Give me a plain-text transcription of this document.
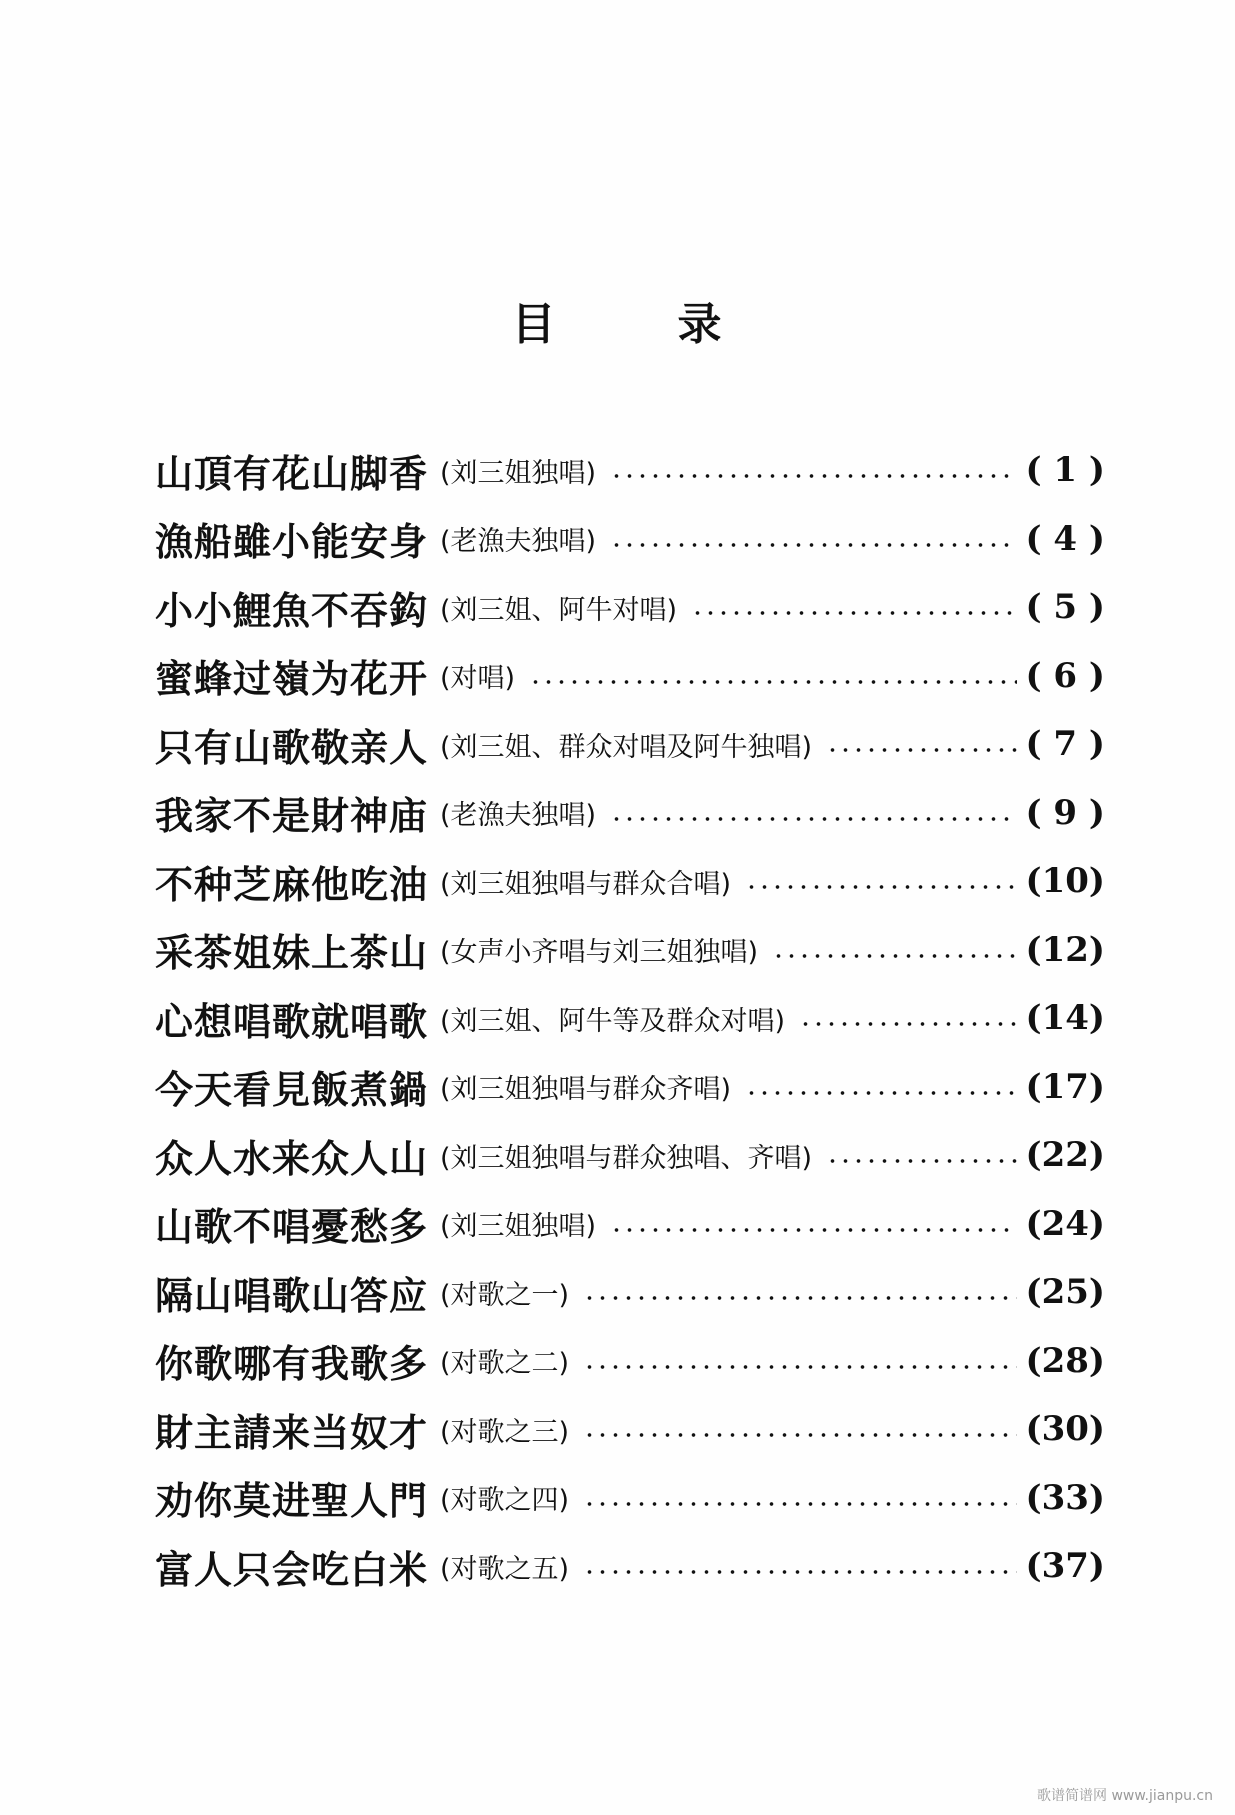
目	录
山頂有花山脚香 (刘三姐独唱)	( 1 )
漁船雖小能安身 (老漁夫独唱)	( 4 )
小小鯉魚不吞鈎 (刘三姐、阿牛对唱)	( 5 )
蜜蜂过嶺为花开 (对唱)	( 6 )
只有山歌敬亲人 (刘三姐、群众对唱及阿牛独唱)	( 7 )
我家不是財神庙 (老漁夫独唱)	( 9 )
不种芝麻他吃油 (刘三姐独唱与群众合唱)	(10)
采茶姐妹上茶山 (女声小齐唱与刘三姐独唱)	(12)
心想唱歌就唱歌 (刘三姐、阿牛等及群众对唱)	(14)
今天看見飯煮鍋 (刘三姐独唱与群众齐唱)	(17)
众人水来众人山 (刘三姐独唱与群众独唱、齐唱)	(22)
山歌不唱憂愁多 (刘三姐独唱)	(24)
隔山唱歌山答应 (对歌之一)	(25)
你歌哪有我歌多 (对歌之二)	(28)
財主請来当奴才 (对歌之三)	(30)
劝你莫进聖人門 (对歌之四)	(33)
富人只会吃白米 (对歌之五)	(37)
歌谱简谱网 www.jianpu.cn
